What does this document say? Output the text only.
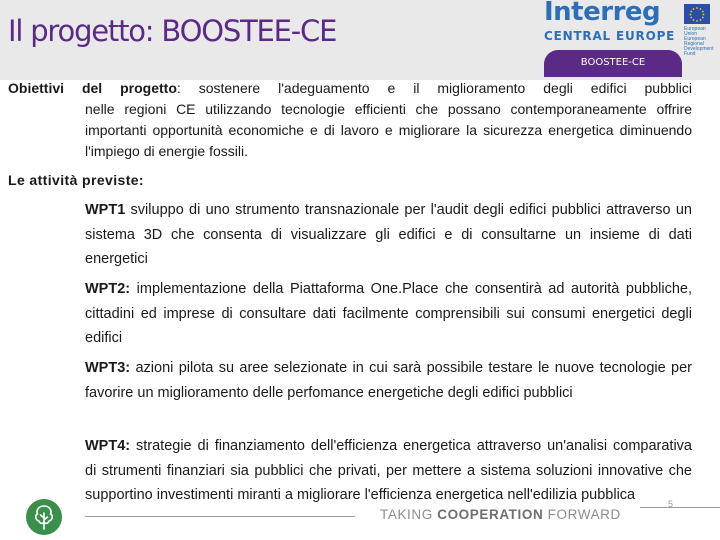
Il progetto: BOOSTEE-CE
Interreg
CENTRAL EUROPE European Union European Regional Development Fund
BOOSTEE-CE
Obiettivi del progetto: sostenere l'adeguamento e il miglioramento degli edifici pubblici
nelle regioni CE utilizzando tecnologie efficienti che possano contemporaneamente offrire importanti opportunità economiche e di lavoro e migliorare la sicurezza energetica diminuendo l'impiego di energie fossili.
Le attività previste:

WPT1 sviluppo di uno strumento transnazionale per l'audit degli edifici pubblici attraverso un sistema 3D che consenta di visualizzare gli edifici e di consultarne un insieme di dati energetici

WPT2: implementazione della Piattaforma One.Place che consentirà ad autorità pubbliche, cittadini ed imprese di consultare dati facilmente comprensibili sui consumi energetici degli edifici

WPT3: azioni pilota su aree selezionate in cui sarà possibile testare le nuove tecnologie per favorire un miglioramento delle perfomance energetiche degli edifici pubblici

WPT4: strategie di finanziamento dell'efficienza energetica attraverso un'analisi comparativa di strumenti finanziari sia pubblici che privati, per mettere a sistema soluzioni innovative che supportino investimenti miranti a migliorare l'efficienza energetica nell'edilizia pubblica

TAKING COOPERATION FORWARD
5
